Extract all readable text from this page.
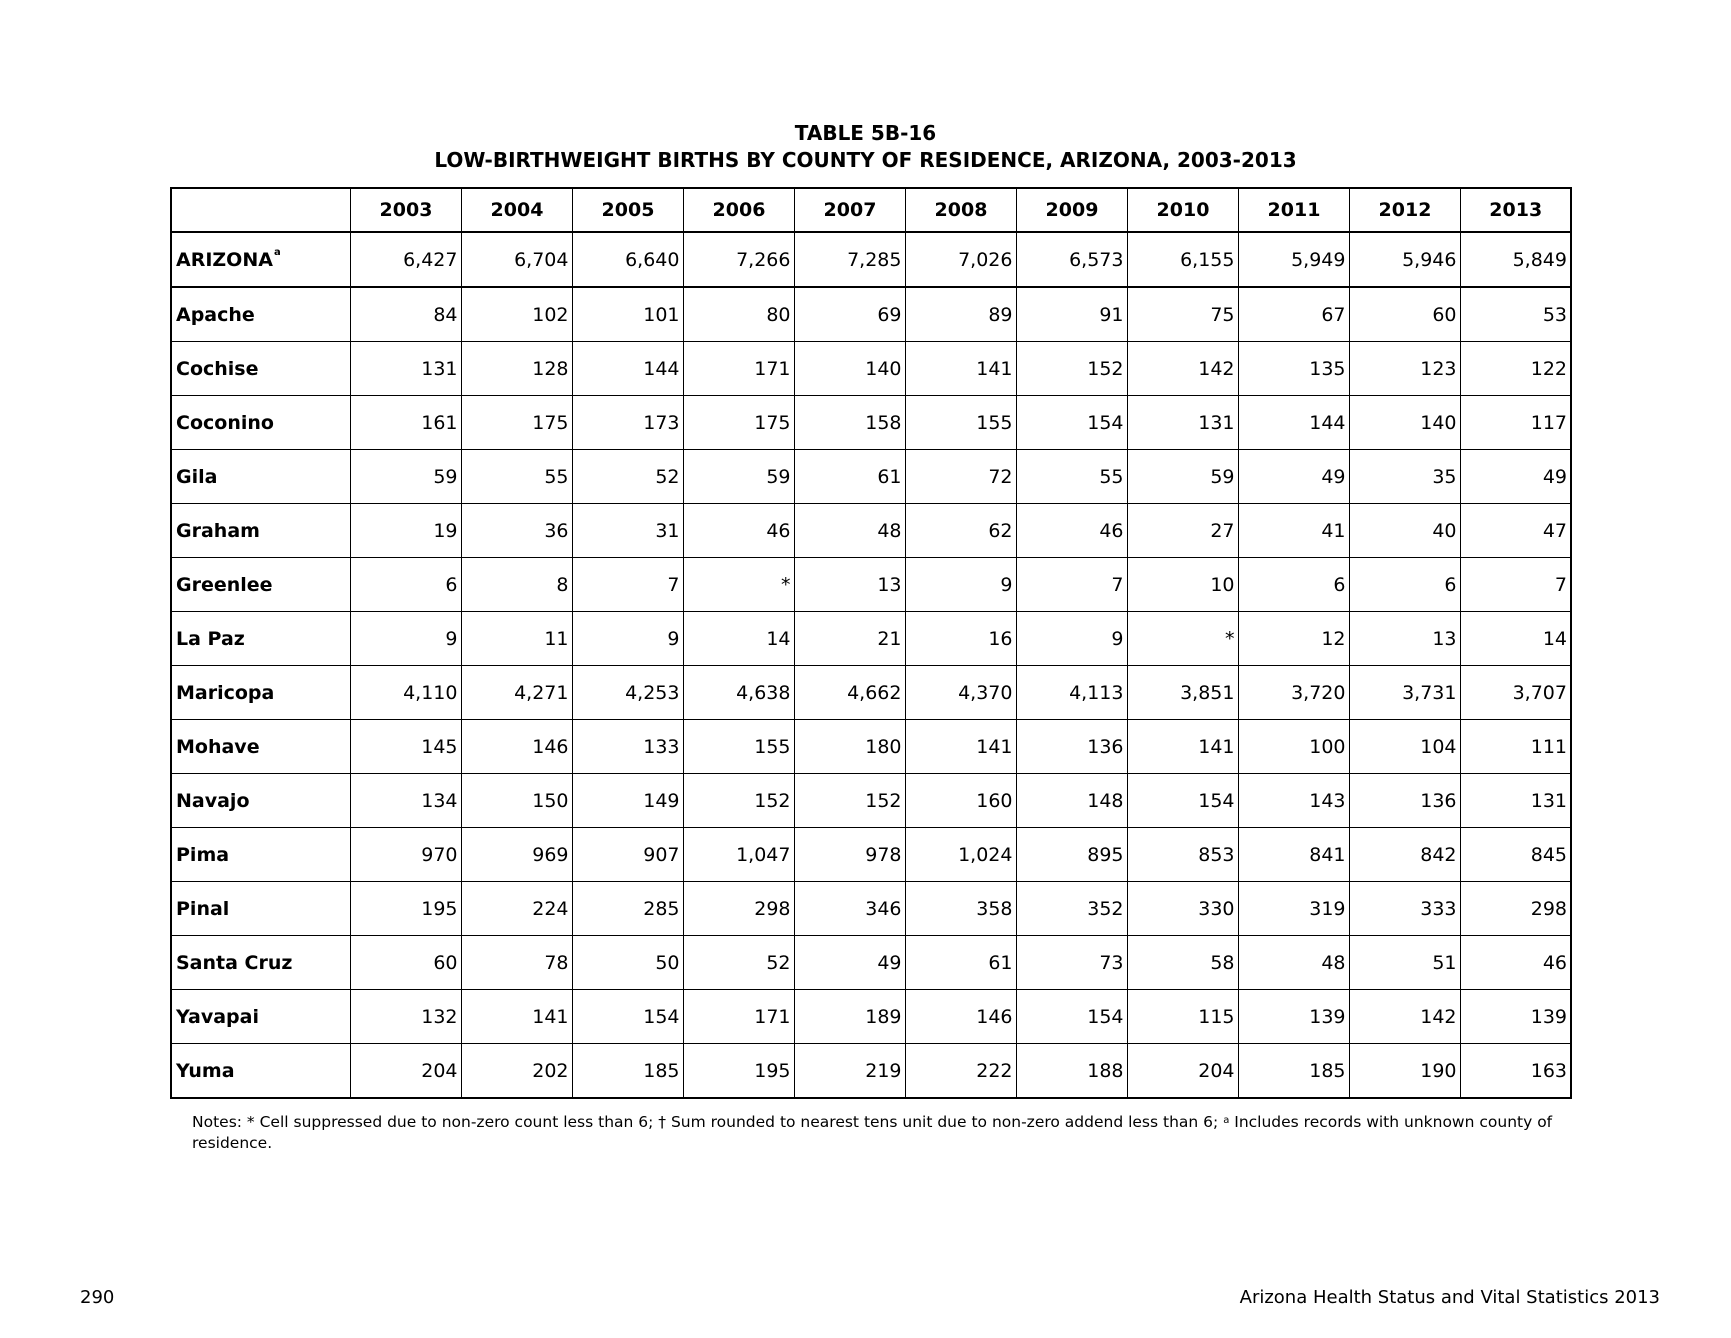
TABLE 5B-16
LOW-BIRTHWEIGHT BIRTHS BY COUNTY OF RESIDENCE, ARIZONA, 2003-2013
	2003	2004	2005	2006	2007	2008	2009	2010	2011	2012	2013
ARIZONA$^a$	6,427	6,704	6,640	7,266	7,285	7,026	6,573	6,155	5,949	5,946	5,849
Apache	84	102	101	80	69	89	91	75	67	60	53
Cochise	131	128	144	171	140	141	152	142	135	123	122
Coconino	161	175	173	175	158	155	154	131	144	140	117
Gila	59	55	52	59	61	72	55	59	49	35	49
Graham	19	36	31	46	48	62	46	27	41	40	47
Greenlee	6	8	7	*	13	9	7	10	6	6	7
La Paz	9	11	9	14	21	16	9	*	12	13	14
Maricopa	4,110	4,271	4,253	4,638	4,662	4,370	4,113	3,851	3,720	3,731	3,707
Mohave	145	146	133	155	180	141	136	141	100	104	111
Navajo	134	150	149	152	152	160	148	154	143	136	131
Pima	970	969	907	1,047	978	1,024	895	853	841	842	845
Pinal	195	224	285	298	346	358	352	330	319	333	298
Santa Cruz	60	78	50	52	49	61	73	58	48	51	46
Yavapai	132	141	154	171	189	146	154	115	139	142	139
Yuma	204	202	185	195	219	222	188	204	185	190	163
Notes: * Cell suppressed due to non-zero count less than 6; † Sum rounded to nearest tens unit due to non-zero addend less than 6; $^a$ Includes records with unknown county of residence.
290	Arizona Health Status and Vital Statistics 2013
